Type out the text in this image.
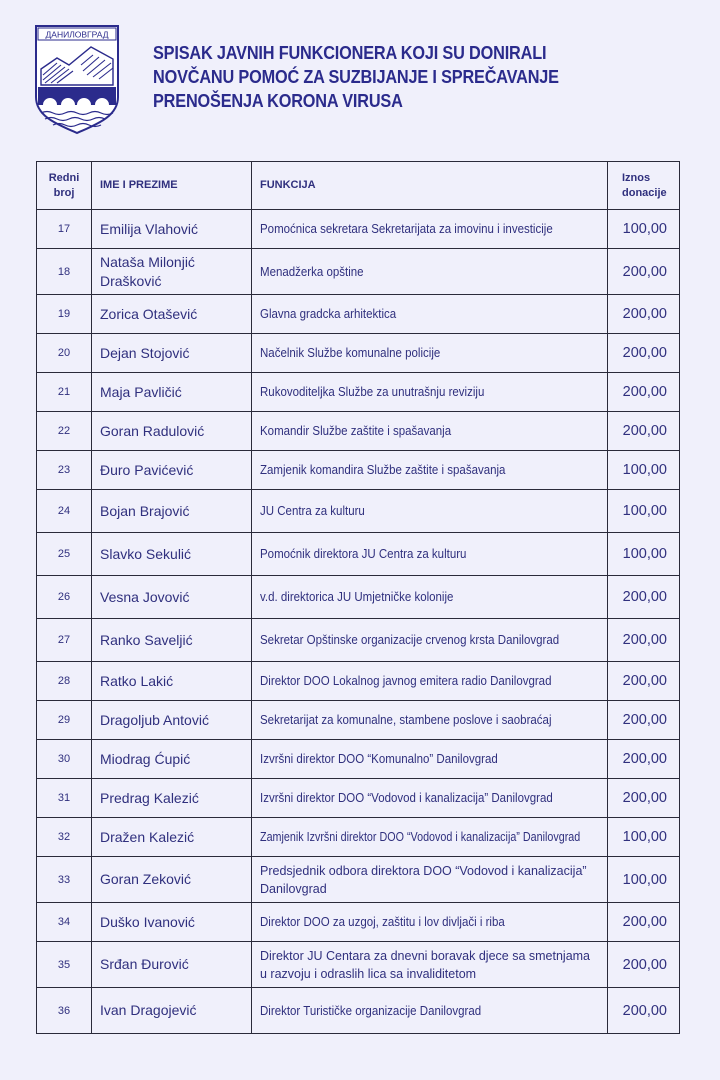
ДАНИЛОВГРАД
SPISAK JAVNIH FUNKCIONERA KOJI SU DONIRALI
NOVČANU POMOĆ ZA SUZBIJANJE I SPREČAVANJE
PRENOŠENJA KORONA VIRUSA
Redni
broj	IME I PREZIME	FUNKCIJA	Iznos
donacije
17	Emilija Vlahović	Pomoćnica sekretara Sekretarijata za imovinu i investicije	100,00
18	Nataša Milonjić Drašković	Menadžerka opštine	200,00
19	Zorica Otašević	Glavna gradcka arhitektica	200,00
20	Dejan Stojović	Načelnik Službe komunalne policije	200,00
21	Maja Pavličić	Rukovoditeljka Službe za unutrašnju reviziju	200,00
22	Goran Radulović	Komandir Službe zaštite i spašavanja	200,00
23	Đuro Pavićević	Zamjenik komandira Službe zaštite i spašavanja	100,00
24	Bojan Brajović	JU Centra za kulturu	100,00
25	Slavko Sekulić	Pomoćnik direktora JU Centra za kulturu	100,00
26	Vesna Jovović	v.d. direktorica JU Umjetničke kolonije	200,00
27	Ranko Saveljić	Sekretar Opštinske organizacije crvenog krsta Danilovgrad	200,00
28	Ratko Lakić	Direktor DOO Lokalnog javnog emitera radio Danilovgrad	200,00
29	Dragoljub Antović	Sekretarijat za komunalne, stambene poslove i saobraćaj	200,00
30	Miodrag Ćupić	Izvršni direktor DOO “Komunalno” Danilovgrad	200,00
31	Predrag Kalezić	Izvršni direktor DOO “Vodovod i kanalizacija” Danilovgrad	200,00
32	Dražen Kalezić	Zamjenik Izvršni direktor DOO “Vodovod i kanalizacija” Danilovgrad	100,00
33	Goran Zeković	Predsjednik odbora direktora DOO “Vodovod i kanalizacija” Danilovgrad	100,00
34	Duško Ivanović	Direktor DOO za uzgoj, zaštitu i lov divljači i riba	200,00
35	Srđan Đurović	Direktor JU Centara za dnevni boravak djece sa smetnjama u razvoju i odraslih lica sa invaliditetom	200,00
36	Ivan Dragojević	Direktor Turističke organizacije Danilovgrad	200,00
